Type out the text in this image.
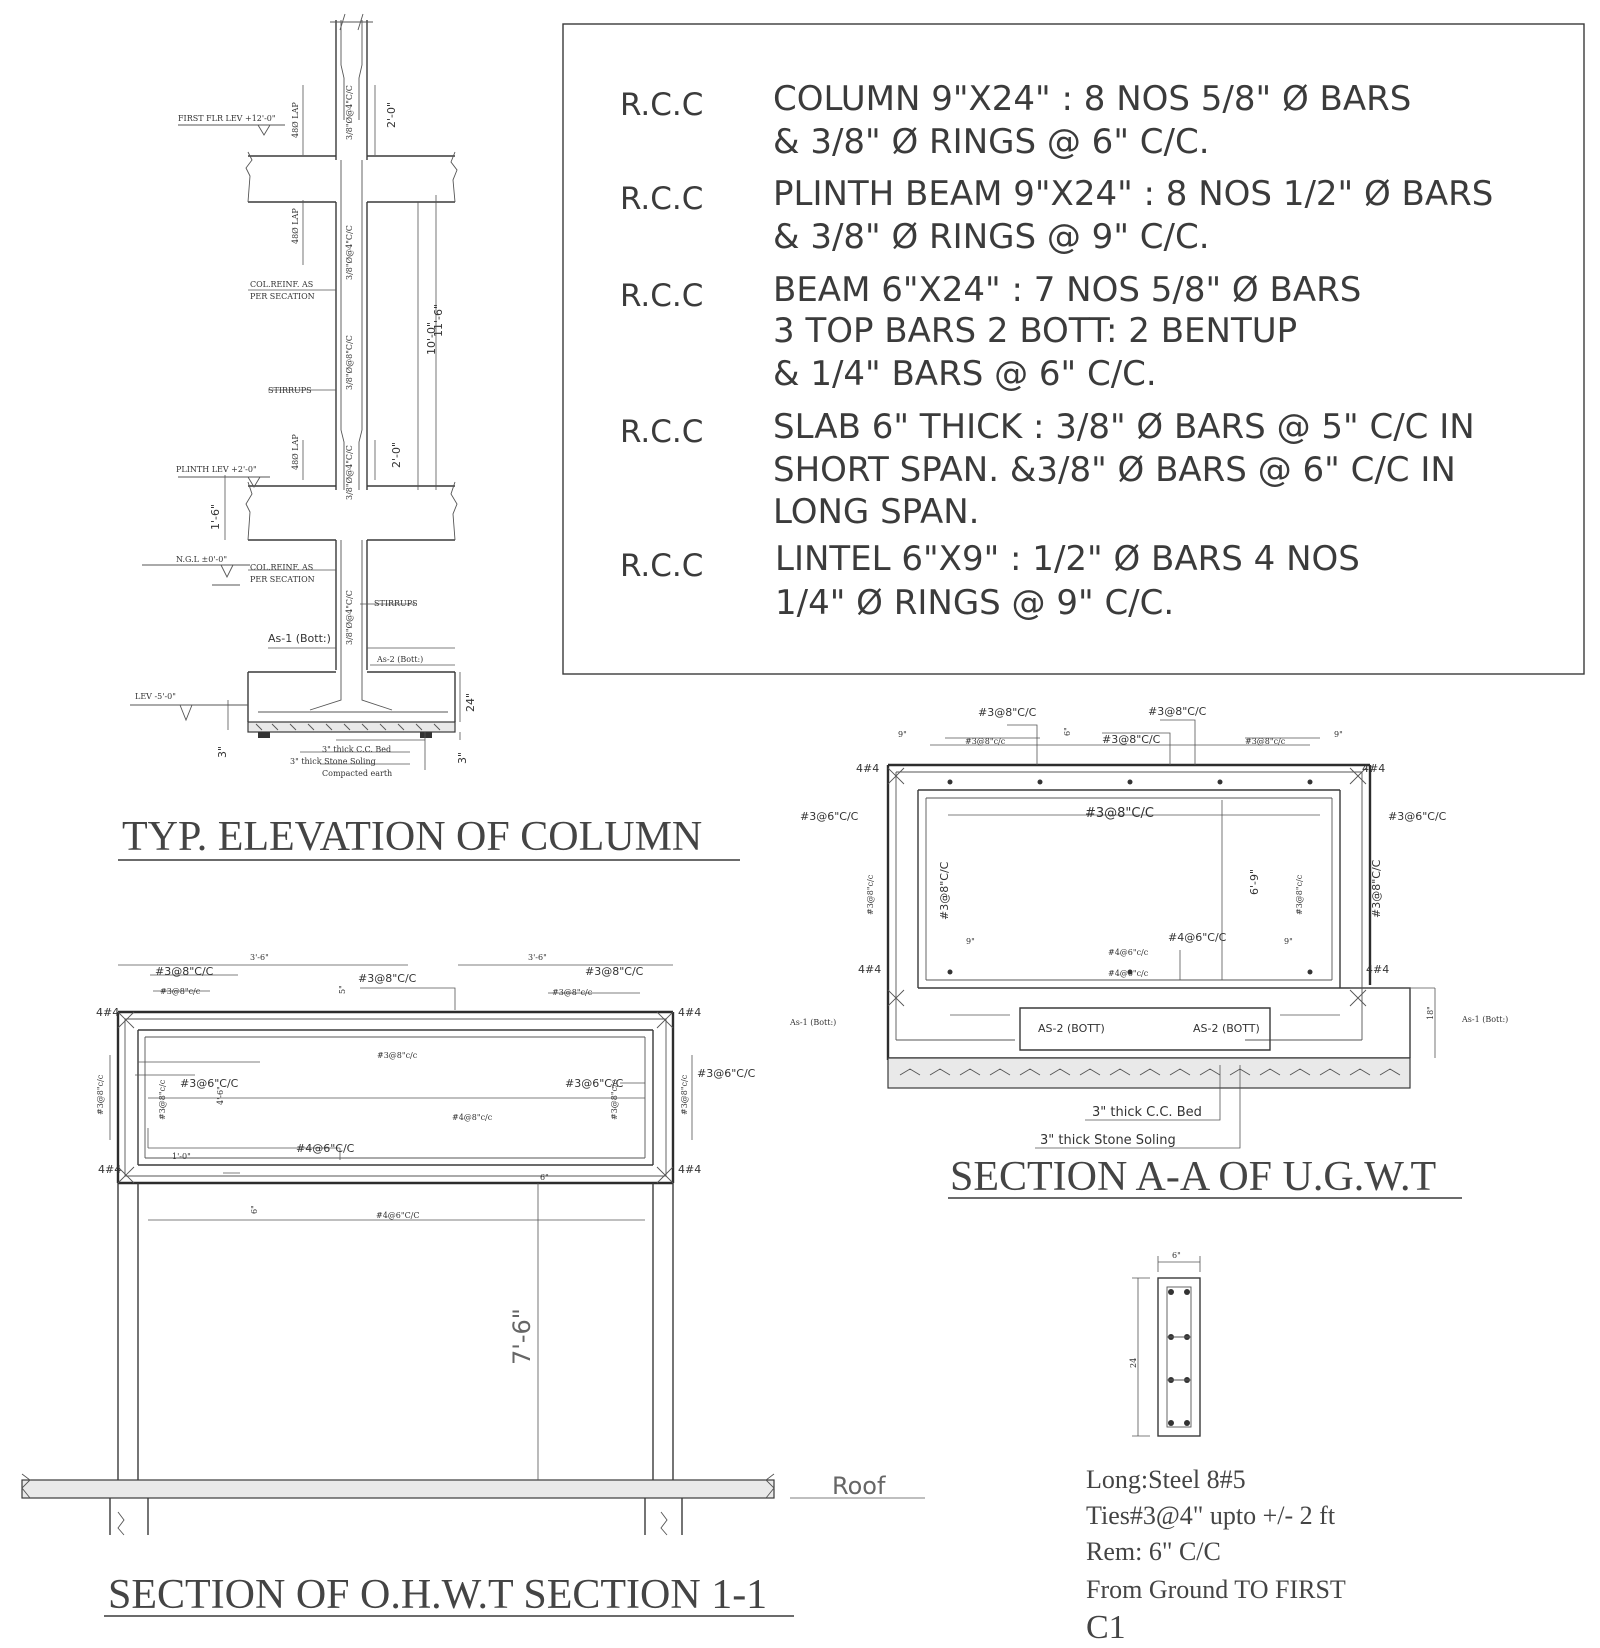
R.C.C COLUMN 9"X24" : 8 NOS 5/8" Ø BARS
& 3/8" Ø RINGS @ 6" C/C.
R.C.C PLINTH BEAM 9"X24" : 8 NOS 1/2" Ø BARS
& 3/8" Ø RINGS @ 9" C/C.
R.C.C BEAM 6"X24" : 7 NOS 5/8" Ø BARS
3 TOP BARS 2 BOTT: 2 BENTUP
& 1/4" BARS @ 6" C/C.
R.C.C SLAB 6" THICK : 3/8" Ø BARS @ 5" C/C IN
SHORT SPAN. &3/8" Ø BARS @ 6" C/C IN
LONG SPAN.
R.C.C LINTEL 6"X9" : 1/2" Ø BARS 4 NOS
1/4" Ø RINGS @ 9" C/C.
FIRST FLR LEV +12'-0" 48Ø LAP
48Ø LAP
48Ø LAP
COL.REINF. AS
PER SECATION
STIRRUPS
PLINTH LEV +2'-0"
N.G.L ±0'-0"
COL.REINF. AS
PER SECATION
STIRRUPS
As-1 (Bott:)
As-2 (Bott:)
LEV -5'-0"
3" thick C.C. Bed
3" thick Stone Soling
Compacted earth
2'-0"
2'-0"
10'-0"
11'-6"
1'-6"
24"
3"	3"
3/8"Ø@4"C/C
3/8"Ø@4"C/C
3/8"Ø@8"C/C
3/8"Ø@4"C/C
3/8"Ø@4"C/C
TYP. ELEVATION OF COLUMN
#3@8"C/C	#3@8"C/C
#3@8"C/C
#3@8"c/c	#3@8"c/c
9"	9"
6"
4#4	4#4
4#4	4#4
#3@6"C/C	#3@6"C/C
#3@8"C/C
#3@8"C/C
#3@8"c/c	#3@8"c/c	#3@8"C/C
6'-9"
9"	9"
#4@6"C/C
#4@6"c/c
#4@6"c/c
As-1 (Bott:)	As-1 (Bott:)
AS-2 (BOTT)	AS-2 (BOTT)
18"
3" thick C.C. Bed
3" thick Stone Soling
SECTION A-A OF U.G.W.T
3'-6"	3'-6"
#3@8"C/C
#3@8"C/C
#3@8"C/C
#3@8"c/c	#3@8"c/c
5"
4#4	4#4
4#4	4#4
#3@8"c/c
#3@6"C/C	#3@6"C/C
#3@6"C/C
#3@8"c/c	#3@8"c/c	#3@8"c/c	#3@8"c/c
4'-6"
#4@8"c/c
1'-0"
#4@6"C/C
6"
6"
#4@6"C/C
7'-6"
Roof
SECTION OF O.H.W.T SECTION 1-1
6"
24
Long:Steel 8#5
Ties#3@4" upto +/- 2 ft
Rem: 6" C/C
From Ground TO FIRST
C1
